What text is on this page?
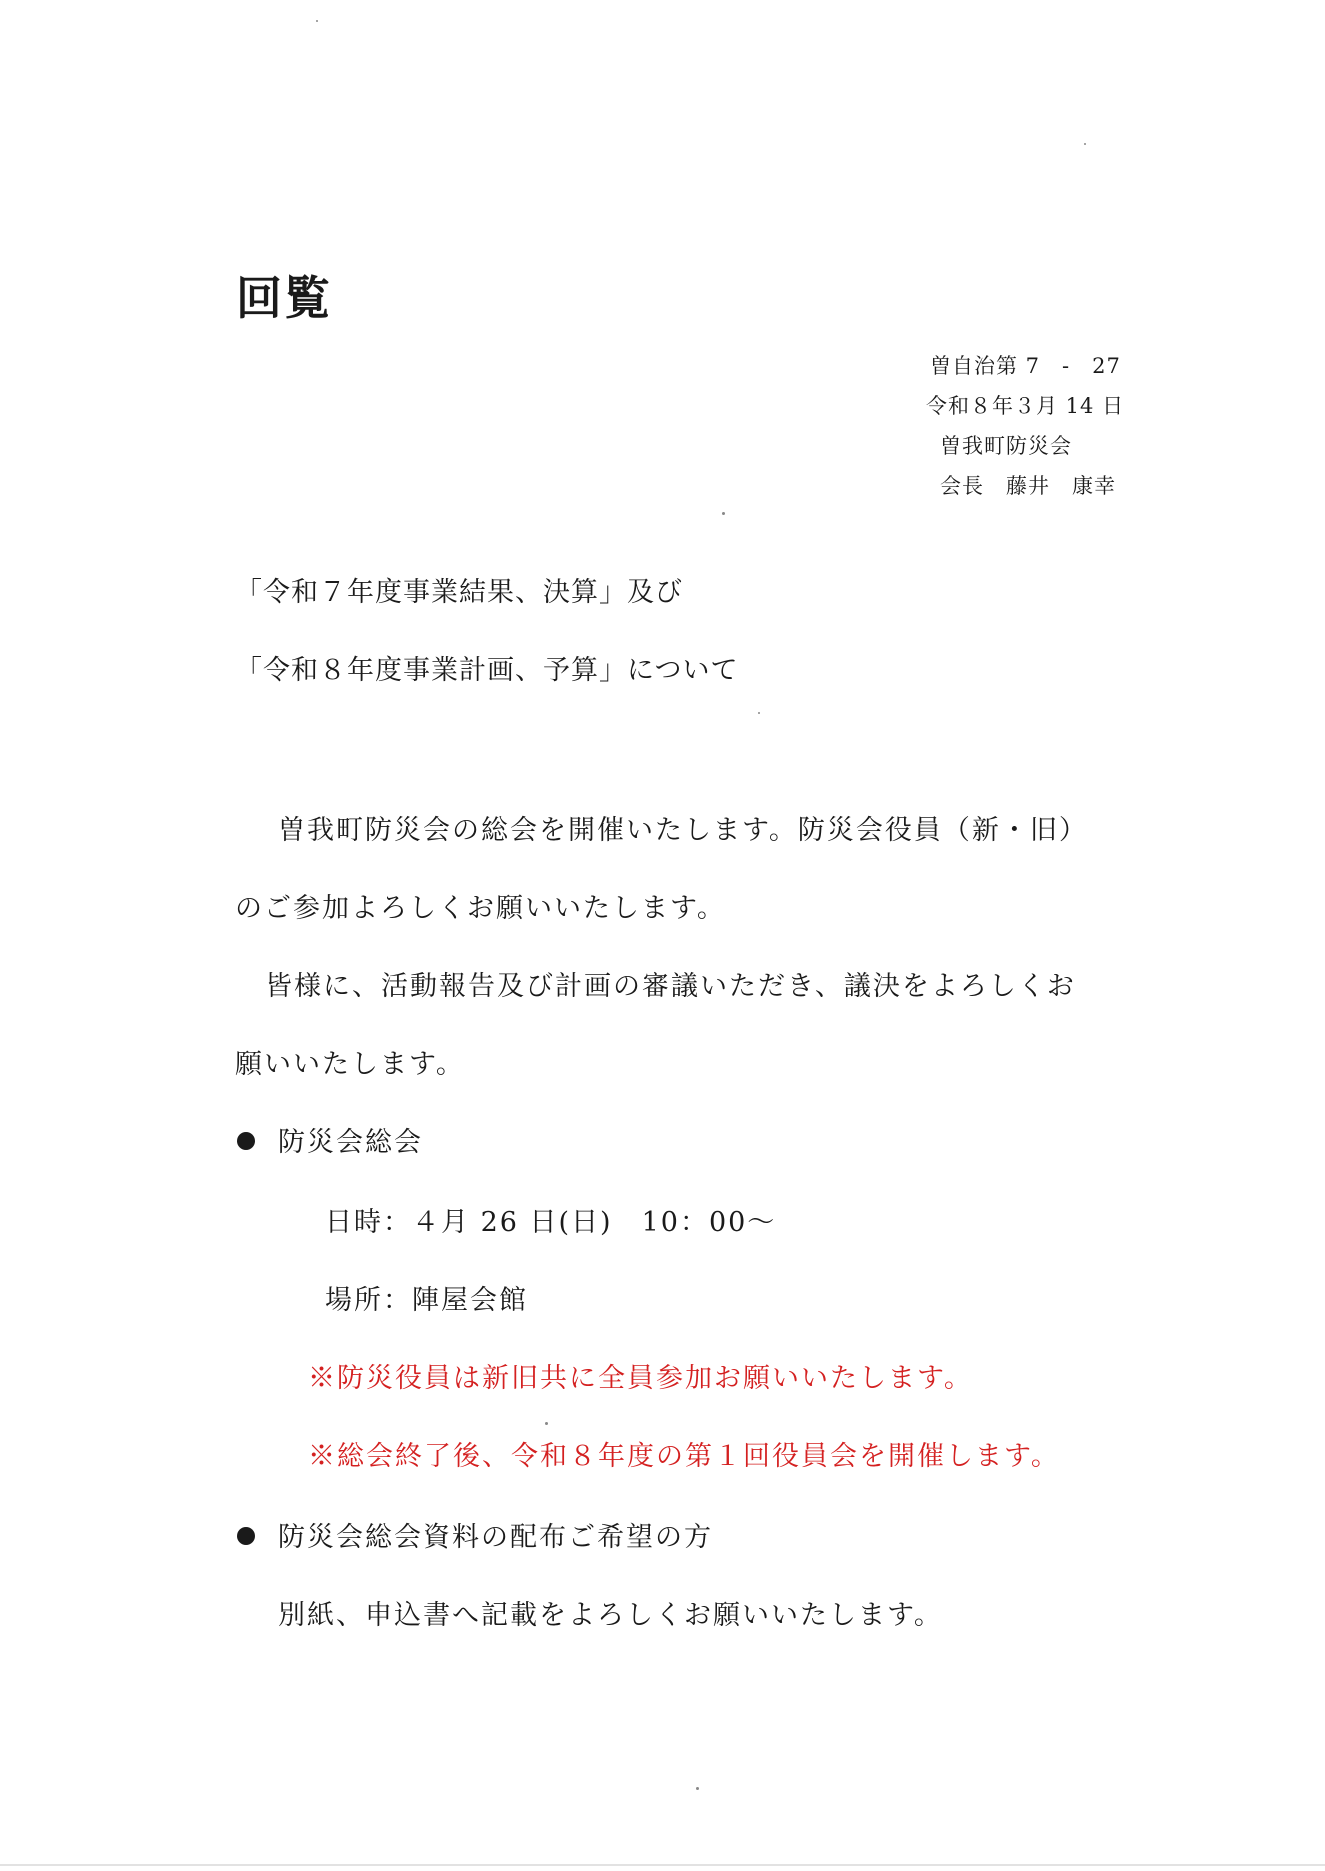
回覧
曽自治第 7　-　27
令和８年３月 14 日
曽我町防災会
会長　藤井　康幸
「令和７年度事業結果、決算」及び
「令和８年度事業計画、予算」について
曽我町防災会の総会を開催いたします。防災会役員（新・旧）
のご参加よろしくお願いいたします。
皆様に、活動報告及び計画の審議いただき、議決をよろしくお
願いいたします。
防災会総会
日時：４月 26 日(日)　10：00～
場所：陣屋会館
※防災役員は新旧共に全員参加お願いいたします。
※総会終了後、令和８年度の第１回役員会を開催します。
防災会総会資料の配布ご希望の方
別紙、申込書へ記載をよろしくお願いいたします。
